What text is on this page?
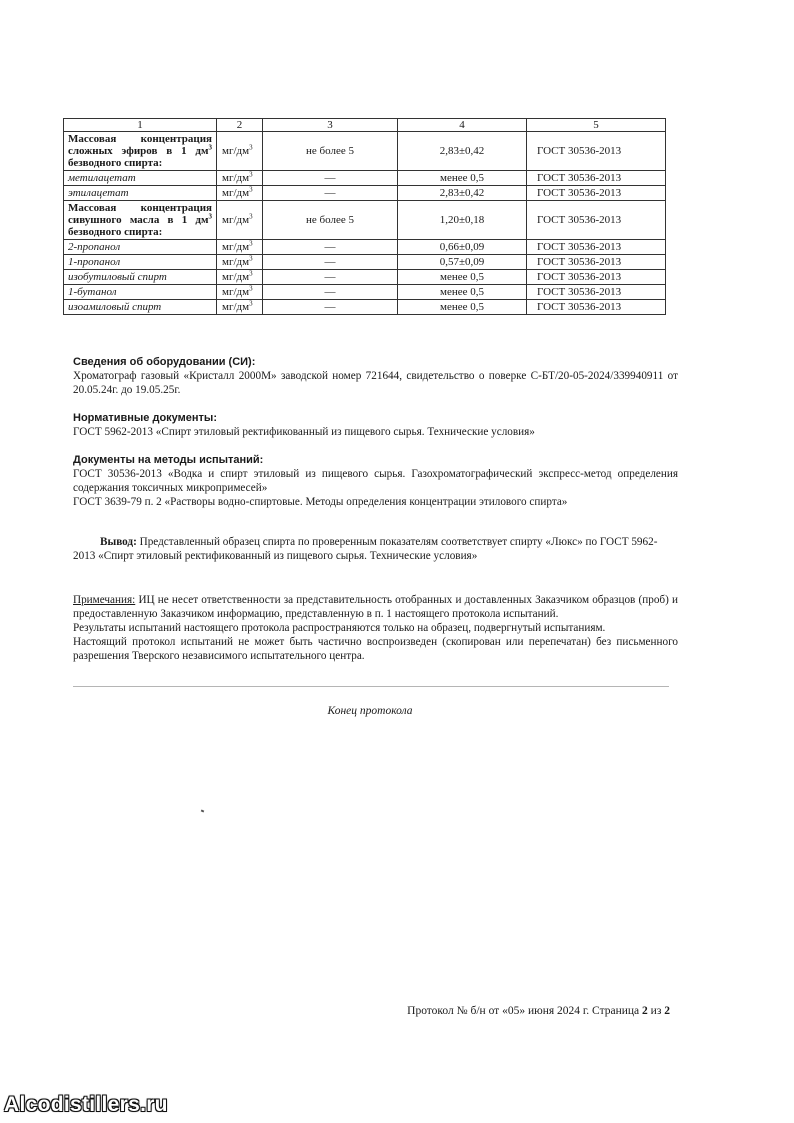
1	2	3	4	5
Массовая концентрация сложных эфиров в 1 $дм^3$ безводного спирта:	$мг/дм^3$	не более 5	2,83±0,42	ГОСТ 30536-2013
метилацетат	$мг/дм^3$	—	менее 0,5	ГОСТ 30536-2013
этилацетат	$мг/дм^3$	—	2,83±0,42	ГОСТ 30536-2013
Массовая концентрация сивушного масла в 1 $дм^3$ безводного спирта:	$мг/дм^3$	не более 5	1,20±0,18	ГОСТ 30536-2013
2-пропанол	$мг/дм^3$	—	0,66±0,09	ГОСТ 30536-2013
1-пропанол	$мг/дм^3$	—	0,57±0,09	ГОСТ 30536-2013
изобутиловый спирт	$мг/дм^3$	—	менее 0,5	ГОСТ 30536-2013
1-бутанол	$мг/дм^3$	—	менее 0,5	ГОСТ 30536-2013
изоамиловый спирт	$мг/дм^3$	—	менее 0,5	ГОСТ 30536-2013
Сведения об оборудовании (СИ):
Хроматограф газовый «Кристалл 2000М» заводской номер 721644, свидетельство о поверке С-БТ/20-05-2024/339940911 от 20.05.24г. до 19.05.25г.
Нормативные документы:
ГОСТ 5962-2013 «Спирт этиловый ректификованный из пищевого сырья. Технические условия»
Документы на методы испытаний:
ГОСТ 30536-2013 «Водка и спирт этиловый из пищевого сырья. Газохроматографический экспресс-метод определения содержания токсичных микропримесей»
ГОСТ 3639-79 п. 2 «Растворы водно-спиртовые. Методы определения концентрации этилового спирта»
Вывод: Представленный образец спирта по проверенным показателям соответствует спирту «Люкс» по ГОСТ 5962-2013 «Спирт этиловый ректификованный из пищевого сырья. Технические условия»
Примечания: ИЦ не несет ответственности за представительность отобранных и доставленных Заказчиком образцов (проб) и предоставленную Заказчиком информацию, представленную в п. 1 настоящего протокола испытаний.
Результаты испытаний настоящего протокола распространяются только на образец, подвергнутый испытаниям.
Настоящий протокол испытаний не может быть частично воспроизведен (скопирован или перепечатан) без письменного разрешения Тверского независимого испытательного центра.
Конец протокола
Протокол № б/н от «05» июня 2024 г. Страница 2 из 2
Alcodistillers.ru
